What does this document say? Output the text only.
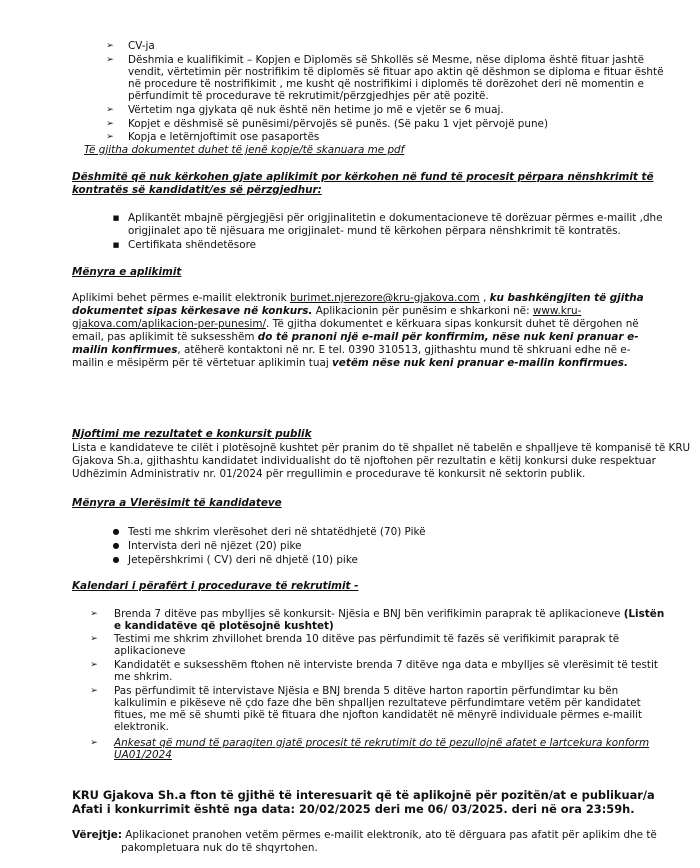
➢ CV-ja
➢ Dëshmia e kualifikimit – Kopjen e Diplomës së Shkollës së Mesme, nëse diploma është fituar jashtë
vendit, vërtetimin për nostrifikim të diplomës së fituar apo aktin që dëshmon se diploma e fituar është
në procedure të nostrifikimit , me kusht që nostrifikimi i diplomës të dorëzohet deri në momentin e
përfundimit të procedurave të rekrutimit/përzgjedhjes për atë pozitë.
➢ Vërtetim nga gjykata që nuk është nën hetime jo më e vjetër se 6 muaj.
➢ Kopjet e dëshmisë së punësimi/përvojës së punës. (Së paku 1 vjet përvojë pune)
➢ Kopja e letërnjoftimit ose pasaportës
Të gjitha dokumentet duhet të jenë kopje/të skanuara me pdf
Dëshmitë që nuk kërkohen gjate aplikimit por kërkohen në fund të procesit përpara nënshkrimit të
kontratës së kandidatit/es së përzgjedhur:
■ Aplikantët mbajnë përgjegjësi për origjinalitetin e dokumentacioneve të dorëzuar përmes e-mailit ,dhe
origjinalet apo të njësuara me origjinalet- mund të kërkohen përpara nënshkrimit të kontratës.
■ Certifikata shëndetësore
Mënyra e aplikimit
Aplikimi behet përmes e-mailit elektronik burimet.njerezore@kru-gjakova.com , ku bashkëngjiten të gjitha
dokumentet sipas kërkesave në konkurs. Aplikacionin për punësim e shkarkoni në: www.kru-
gjakova.com/aplikacion-per-punesim/. Të gjitha dokumentet e kërkuara sipas konkursit duhet të dërgohen në
email, pas aplikimit të suksesshëm do të pranoni një e-mail për konfirmim, nëse nuk keni pranuar e-
mailin konfirmues, atëherë kontaktoni në nr. E tel. 0390 310513, gjithashtu mund të shkruani edhe në e-
mailin e mësipërm për të vërtetuar aplikimin tuaj vetëm nëse nuk keni pranuar e-mailin konfirmues.
Njoftimi me rezultatet e konkursit publik
Lista e kandidateve te cilët i plotësojnë kushtet për pranim do të shpallet në tabelën e shpalljeve të kompanisë të KRU
Gjakova Sh.a, gjithashtu kandidatet individualisht do të njoftohen për rezultatin e këtij konkursi duke respektuar
Udhëzimin Administrativ nr. 01/2024 për rregullimin e procedurave të konkursit në sektorin publik.
Mënyra a Vlerësimit të kandidateve
● Testi me shkrim vlerësohet deri në shtatëdhjetë (70) Pikë
● Intervista deri në njëzet (20) pike
● Jetepërshkrimi ( CV) deri në dhjetë (10) pike
Kalendari i përafërt i procedurave të rekrutimit -
➢ Brenda 7 ditëve pas mbylljes së konkursit- Njësia e BNJ bën verifikimin paraprak të aplikacioneve (Listën
e kandidatëve që plotësojnë kushtet)
➢ Testimi me shkrim zhvillohet brenda 10 ditëve pas përfundimit të fazës së verifikimit paraprak të
aplikacioneve
➢ Kandidatët e suksesshëm ftohen në interviste brenda 7 ditëve nga data e mbylljes së vlerësimit të testit
me shkrim.
➢ Pas përfundimit të intervistave Njësia e BNJ brenda 5 ditëve harton raportin përfundimtar ku bën
kalkulimin e pikëseve në çdo faze dhe bën shpalljen rezultateve përfundimtare vetëm për kandidatet
fitues, me më së shumti pikë të fituara dhe njofton kandidatët në mënyrë individuale përmes e-mailit
elektronik.
➢ Ankesat që mund të paragiten gjatë procesit të rekrutimit do të pezullojnë afatet e lartcekura konform
UA01/2024
KRU Gjakova Sh.a fton të gjithë të interesuarit që të aplikojnë për pozitën/at e publikuar/a
Afati i konkurrimit është nga data: 20/02/2025 deri me 06/ 03/2025. deri në ora 23:59h.
Vërejtje: Aplikacionet pranohen vetëm përmes e-mailit elektronik, ato të dërguara pas afatit për aplikim dhe të
pakompletuara nuk do të shqyrtohen.
